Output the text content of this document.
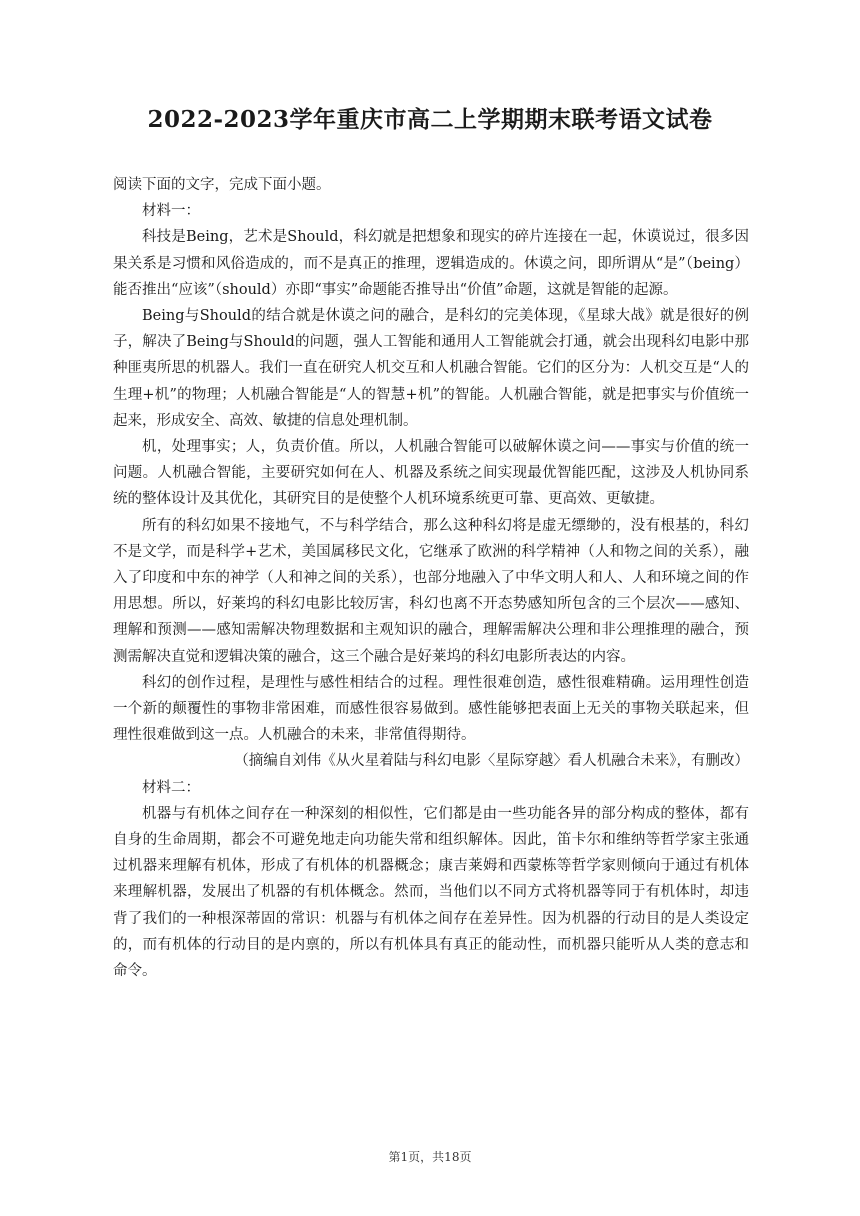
2022-2023学年重庆市高二上学期期末联考语文试卷

阅读下面的文字，完成下面小题。

材料一：

科技是Being，艺术是Should，科幻就是把想象和现实的碎片连接在一起，休谟说过，很多因果关系是习惯和风俗造成的，而不是真正的推理，逻辑造成的。休谟之问，即所谓从“是”（being）能否推出“应该”（should）亦即“事实”命题能否推导出“价值”命题，这就是智能的起源。

Being与Should的结合就是休谟之问的融合，是科幻的完美体现，《星球大战》就是很好的例子，解决了Being与Should的问题，强人工智能和通用人工智能就会打通，就会出现科幻电影中那种匪夷所思的机器人。我们一直在研究人机交互和人机融合智能。它们的区分为：人机交互是“人的生理+机”的物理；人机融合智能是“人的智慧+机”的智能。人机融合智能，就是把事实与价值统一起来，形成安全、高效、敏捷的信息处理机制。

机，处理事实；人，负责价值。所以，人机融合智能可以破解休谟之问——事实与价值的统一问题。人机融合智能，主要研究如何在人、机器及系统之间实现最优智能匹配，这涉及人机协同系统的整体设计及其优化，其研究目的是使整个人机环境系统更可靠、更高效、更敏捷。

所有的科幻如果不接地气，不与科学结合，那么这种科幻将是虚无缥缈的，没有根基的，科幻不是文学，而是科学+艺术，美国属移民文化，它继承了欧洲的科学精神（人和物之间的关系），融入了印度和中东的神学（人和神之间的关系），也部分地融入了中华文明人和人、人和环境之间的作用思想。所以，好莱坞的科幻电影比较厉害，科幻也离不开态势感知所包含的三个层次——感知、理解和预测——感知需解决物理数据和主观知识的融合，理解需解决公理和非公理推理的融合，预测需解决直觉和逻辑决策的融合，这三个融合是好莱坞的科幻电影所表达的内容。

科幻的创作过程，是理性与感性相结合的过程。理性很难创造，感性很难精确。运用理性创造一个新的颠覆性的事物非常困难，而感性很容易做到。感性能够把表面上无关的事物关联起来，但理性很难做到这一点。人机融合的未来，非常值得期待。

（摘编自刘伟《从火星着陆与科幻电影〈星际穿越〉看人机融合未来》，有删改）

材料二：

机器与有机体之间存在一种深刻的相似性，它们都是由一些功能各异的部分构成的整体，都有自身的生命周期，都会不可避免地走向功能失常和组织解体。因此，笛卡尔和维纳等哲学家主张通过机器来理解有机体，形成了有机体的机器概念；康吉莱姆和西蒙栋等哲学家则倾向于通过有机体来理解机器，发展出了机器的有机体概念。然而，当他们以不同方式将机器等同于有机体时，却违背了我们的一种根深蒂固的常识：机器与有机体之间存在差异性。因为机器的行动目的是人类设定的，而有机体的行动目的是内禀的，所以有机体具有真正的能动性，而机器只能听从人类的意志和命令。

第1页，共18页
